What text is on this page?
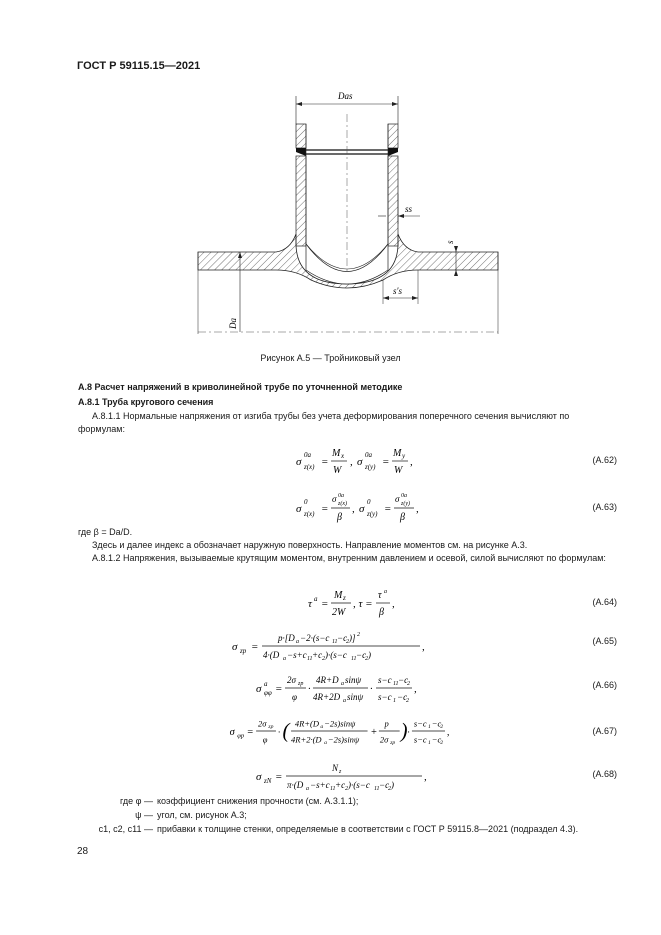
ГОСТ Р 59115.15—2021
Das
Da
ss
s
s′s
Рисунок А.5 — Тройниковый узел
А.8 Расчет напряжений в криволинейной трубе по уточненной методике
А.8.1 Труба кругового сечения
А.8.1.1 Нормальные напряжения от изгиба трубы без учета деформирования поперечного сечения вычисляют по формулам:
σ
0a
z(x) =
M x
W
, σ
0a
z(y) =
M y
W
,	(А.62)
σ
0
z(x) =
σ 0a
z(x)
β
, σ
0
z(y) =
σ 0a
z(y)
β
,	(А.63)
где β = Da/D.
Здесь и далее индекс а обозначает наружную поверхность. Направление моментов см. на рисунке А.3.
А.8.1.2 Напряжения, вызываемые крутящим моментом, внутренним давлением и осевой, силой вычисляют по формулам:
τ a =
M z
2W
, τ =
τ a
β
,	(А.64)
σ zp =
p·[D a −2·(s−c 11 −c
2 )] 2
4·(D a −s+c 11 +c 2 )·(s−c 11 −c
2 )
,	(А.65)
σ a
φφ =
2σ zp
φ
·
4R+D a sinψ
4R+2D a sinψ
·
s−c 11 −c
2
s−c 1 −c
2
,	(А.66)
σ φp =
2σ zp
φ
· ( 4R+(D a −2s)sinψ
4R+2·(D a −2s)sinψ
+
p
2σ zp
) ·
s−c 1 −c
2
s−c 1 −c
2
,	(А.67)
σ zN =
N z
π·(D a −s+c 11 +c 2 )·(s−c 11 −c
2 )
,	(А.68)
где φ — коэффициент снижения прочности (см. А.3.1.1);
ψ — угол, см. рисунок А.3;
c1, c2, c11 — прибавки к толщине стенки, определяемые в соответствии с ГОСТ Р 59115.8—2021 (подраздел 4.3).
28
